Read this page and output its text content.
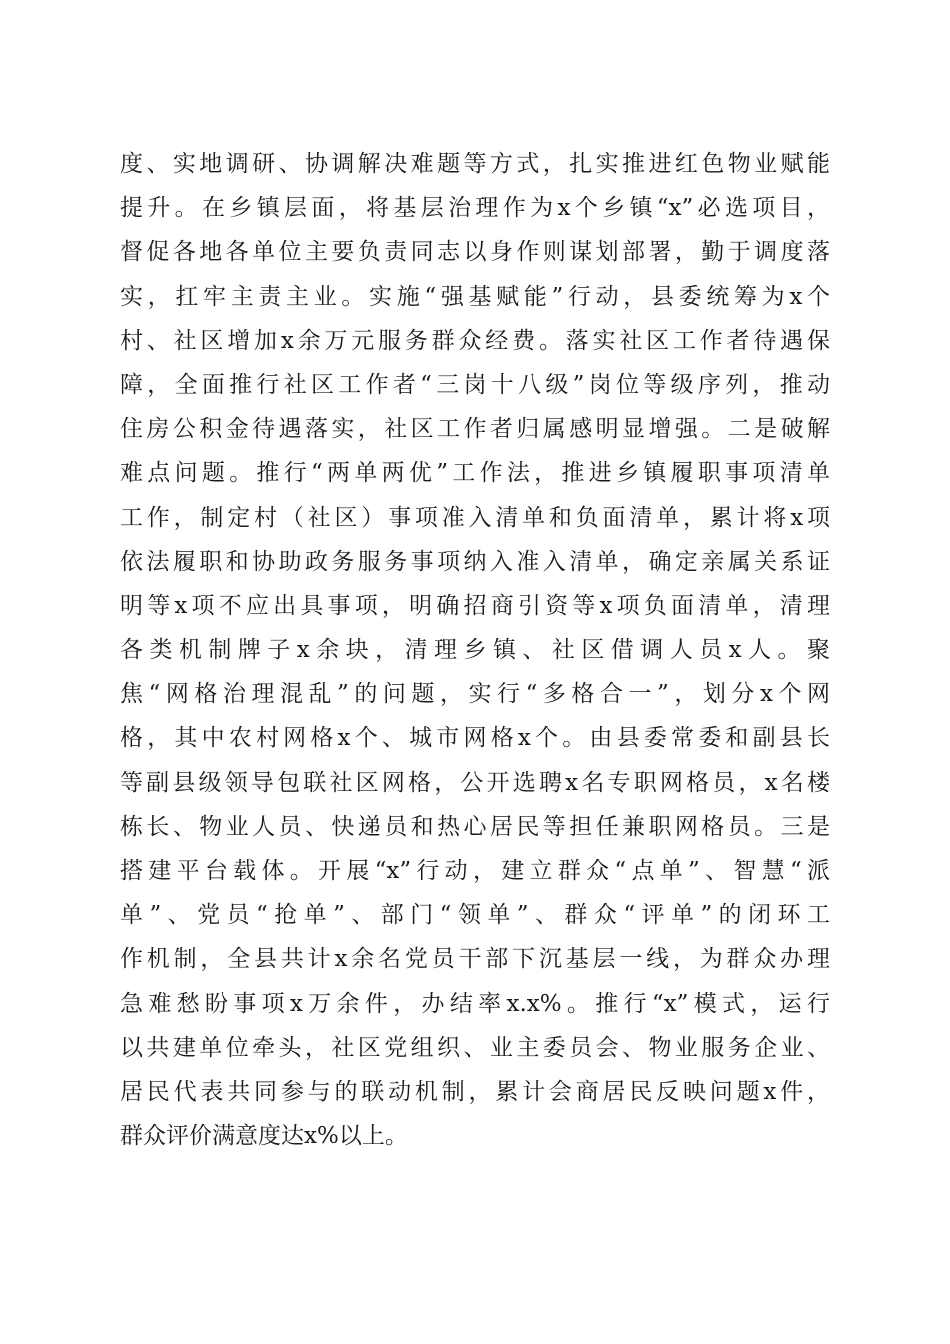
度、实地调研、协调解决难题等方式，扎实推进红色物业赋能
提升。在乡镇层面，将基层治理作为x个乡镇“x”必选项目，
督促各地各单位主要负责同志以身作则谋划部署，勤于调度落
实，扛牢主责主业。实施“强基赋能”行动，县委统筹为x个
村、社区增加x余万元服务群众经费。落实社区工作者待遇保
障，全面推行社区工作者“三岗十八级”岗位等级序列，推动
住房公积金待遇落实，社区工作者归属感明显增强。二是破解
难点问题。推行“两单两优”工作法，推进乡镇履职事项清单
工作，制定村（社区）事项准入清单和负面清单，累计将x项
依法履职和协助政务服务事项纳入准入清单，确定亲属关系证
明等x项不应出具事项，明确招商引资等x项负面清单，清理
各类机制牌子x余块，清理乡镇、社区借调人员x人。聚
焦“网格治理混乱”的问题，实行“多格合一”，划分x个网
格，其中农村网格x个、城市网格x个。由县委常委和副县长
等副县级领导包联社区网格，公开选聘x名专职网格员，x名楼
栋长、物业人员、快递员和热心居民等担任兼职网格员。三是
搭建平台载体。开展“x”行动，建立群众“点单”、智慧“派
单”、党员“抢单”、部门“领单”、群众“评单”的闭环工
作机制，全县共计x余名党员干部下沉基层一线，为群众办理
急难愁盼事项x万余件，办结率x.x%。推行“x”模式，运行
以共建单位牵头，社区党组织、业主委员会、物业服务企业、
居民代表共同参与的联动机制，累计会商居民反映问题x件，
群众评价满意度达x%以上。
